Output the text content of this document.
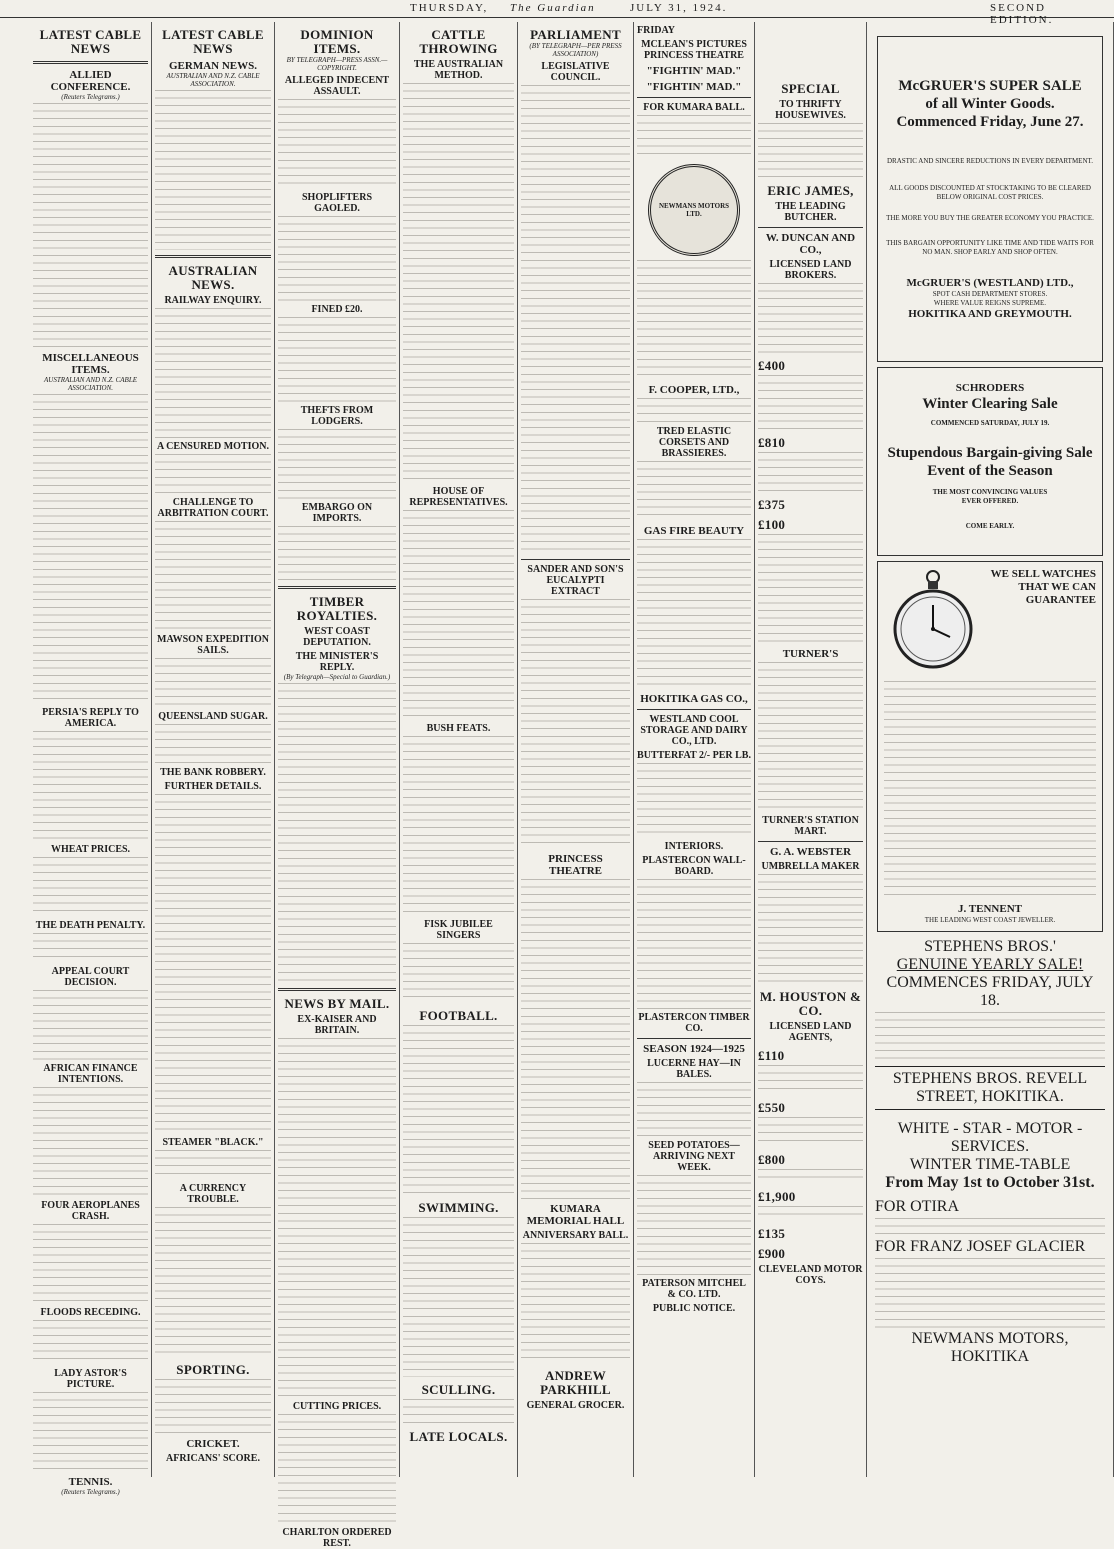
THURSDAY, The Guardian	JULY 31, 1924.	SECOND EDITION.
LATEST CABLE NEWS
ALLIED CONFERENCE.
(Reuters Telegrams.)
MISCELLANEOUS ITEMS.
AUSTRALIAN AND N.Z. CABLE ASSOCIATION.
PERSIA'S REPLY TO AMERICA.
WHEAT PRICES.
THE DEATH PENALTY.
APPEAL COURT DECISION.
AFRICAN FINANCE INTENTIONS.
FOUR AEROPLANES CRASH.
FLOODS RECEDING.
LADY ASTOR'S PICTURE.
TENNIS.
(Reuters Telegrams.)
LATEST CABLE NEWS
GERMAN NEWS.
AUSTRALIAN AND N.Z. CABLE ASSOCIATION.
AUSTRALIAN NEWS.
RAILWAY ENQUIRY.
A CENSURED MOTION.
CHALLENGE TO ARBITRATION COURT.
MAWSON EXPEDITION SAILS.
QUEENSLAND SUGAR.
THE BANK ROBBERY.
FURTHER DETAILS.
STEAMER "BLACK."
A CURRENCY TROUBLE.
SPORTING.
CRICKET.
AFRICANS' SCORE.
DOMINION ITEMS.
BY TELEGRAPH—PRESS ASSN.—COPYRIGHT.
ALLEGED INDECENT ASSAULT.
SHOPLIFTERS GAOLED.
FINED £20.
THEFTS FROM LODGERS.
EMBARGO ON IMPORTS.
TIMBER ROYALTIES.
WEST COAST DEPUTATION.
THE MINISTER'S REPLY.
(By Telegraph—Special to Guardian.)
NEWS BY MAIL.
EX-KAISER AND BRITAIN.
CUTTING PRICES.
CHARLTON ORDERED REST.
CATTLE THROWING
THE AUSTRALIAN METHOD.
HOUSE OF REPRESENTATIVES.
BUSH FEATS.
FISK JUBILEE SINGERS
FOOTBALL.
SWIMMING.
SCULLING.
LATE LOCALS.
PARLIAMENT
(BY TELEGRAPH—PER PRESS ASSOCIATION)
LEGISLATIVE COUNCIL.
SANDER AND SON'S EUCALYPTI EXTRACT
PRINCESS THEATRE
KUMARA MEMORIAL HALL
ANNIVERSARY BALL.
ANDREW PARKHILL
GENERAL GROCER.
FRIDAY
MCLEAN'S PICTURES PRINCESS THEATRE
"FIGHTIN' MAD."
"FIGHTIN' MAD."
FOR KUMARA BALL.
NEWMANS MOTORS LTD.
F. COOPER, LTD.,
TRED ELASTIC CORSETS AND BRASSIERES.
GAS FIRE BEAUTY
HOKITIKA GAS CO.,
WESTLAND COOL STORAGE AND DAIRY CO., LTD.
BUTTERFAT 2/- PER LB.
INTERIORS.
PLASTERCON WALL-BOARD.
PLASTERCON TIMBER CO.
SEASON 1924—1925
LUCERNE HAY—IN BALES.
SEED POTATOES—ARRIVING NEXT WEEK.
PATERSON MITCHEL & CO. LTD.
PUBLIC NOTICE.
SPECIAL
TO THRIFTY HOUSEWIVES.
ERIC JAMES,
THE LEADING BUTCHER.
W. DUNCAN AND CO.,
LICENSED LAND BROKERS.
£400
£810
£375
£100
TURNER'S
TURNER'S STATION MART.
G. A. WEBSTER
UMBRELLA MAKER
M. HOUSTON & CO.
LICENSED LAND AGENTS,
£110
£550
£800
£1,900
£135
£900
CLEVELAND MOTOR COYS.
McGRUER'S SUPER SALE
of all Winter Goods.
Commenced Friday, June 27.
DRASTIC AND SINCERE REDUCTIONS IN EVERY DEPARTMENT.
ALL GOODS DISCOUNTED AT STOCKTAKING TO BE CLEARED BELOW ORIGINAL COST PRICES.
THE MORE YOU BUY THE GREATER ECONOMY YOU PRACTICE.
THIS BARGAIN OPPORTUNITY LIKE TIME AND TIDE WAITS FOR NO MAN. SHOP EARLY AND SHOP OFTEN.
McGRUER'S (WESTLAND) LTD.,
SPOT CASH DEPARTMENT STORES.
WHERE VALUE REIGNS SUPREME.
HOKITIKA AND GREYMOUTH.
SCHRODERS
Winter Clearing Sale
COMMENCED SATURDAY, JULY 19.
Stupendous Bargain-giving Sale
Event of the Season
THE MOST CONVINCING VALUES
EVER OFFERED.
COME EARLY.
WE SELL WATCHES
THAT WE CAN
GUARANTEE
J. TENNENT
THE LEADING WEST COAST JEWELLER.
STEPHENS BROS.'
GENUINE YEARLY SALE!
COMMENCES FRIDAY, JULY 18.
STEPHENS BROS. REVELL STREET, HOKITIKA.
WHITE - STAR - MOTOR - SERVICES.
WINTER TIME-TABLE
From May 1st to October 31st.
FOR OTIRA
FOR FRANZ JOSEF GLACIER
NEWMANS MOTORS,
HOKITIKA
